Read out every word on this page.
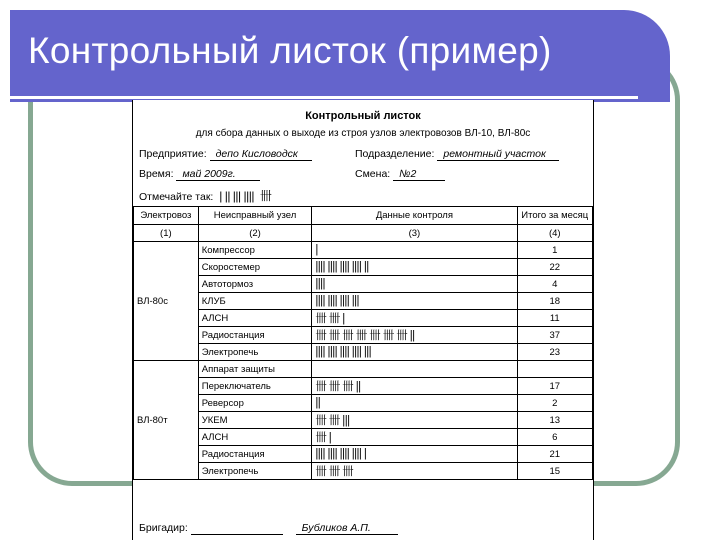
Контрольный листок (пример)
Контрольный листок
для сбора данных о выходе из строя узлов электровозов ВЛ-10, ВЛ-80с
Предприятие: депо Кисловодск	Подразделение: ремонтный участок
Время: май 2009г.	Смена: №2
Отмечайте так: | || ||| |||| 卌
Электровоз	Неисправный узел	Данные контроля	Итого за месяц
(1)	(2)	(3)	(4)
ВЛ-80с	Компрессор	|	1
	Скоростемер	|||| |||| |||| |||| ||	22
	Автотормоз	||||	4
	КЛУБ	|||| |||| |||| |||	18
	АЛСН	卌 卌 |	11
	Радиостанция	卌 卌 卌 卌 卌 卌 卌 ||	37
	Электропечь	|||| |||| |||| |||| |||	23
ВЛ-80т	Аппарат защиты		
	Переключатель	卌 卌 卌 ||	17
	Реверсор	||	2
	УКЕМ	卌 卌 |||	13
	АЛСН	卌 |	6
	Радиостанция	|||| |||| |||| |||| |	21
	Электропечь	卌 卌 卌	15
Бригадир:	Бубликов А.П.
